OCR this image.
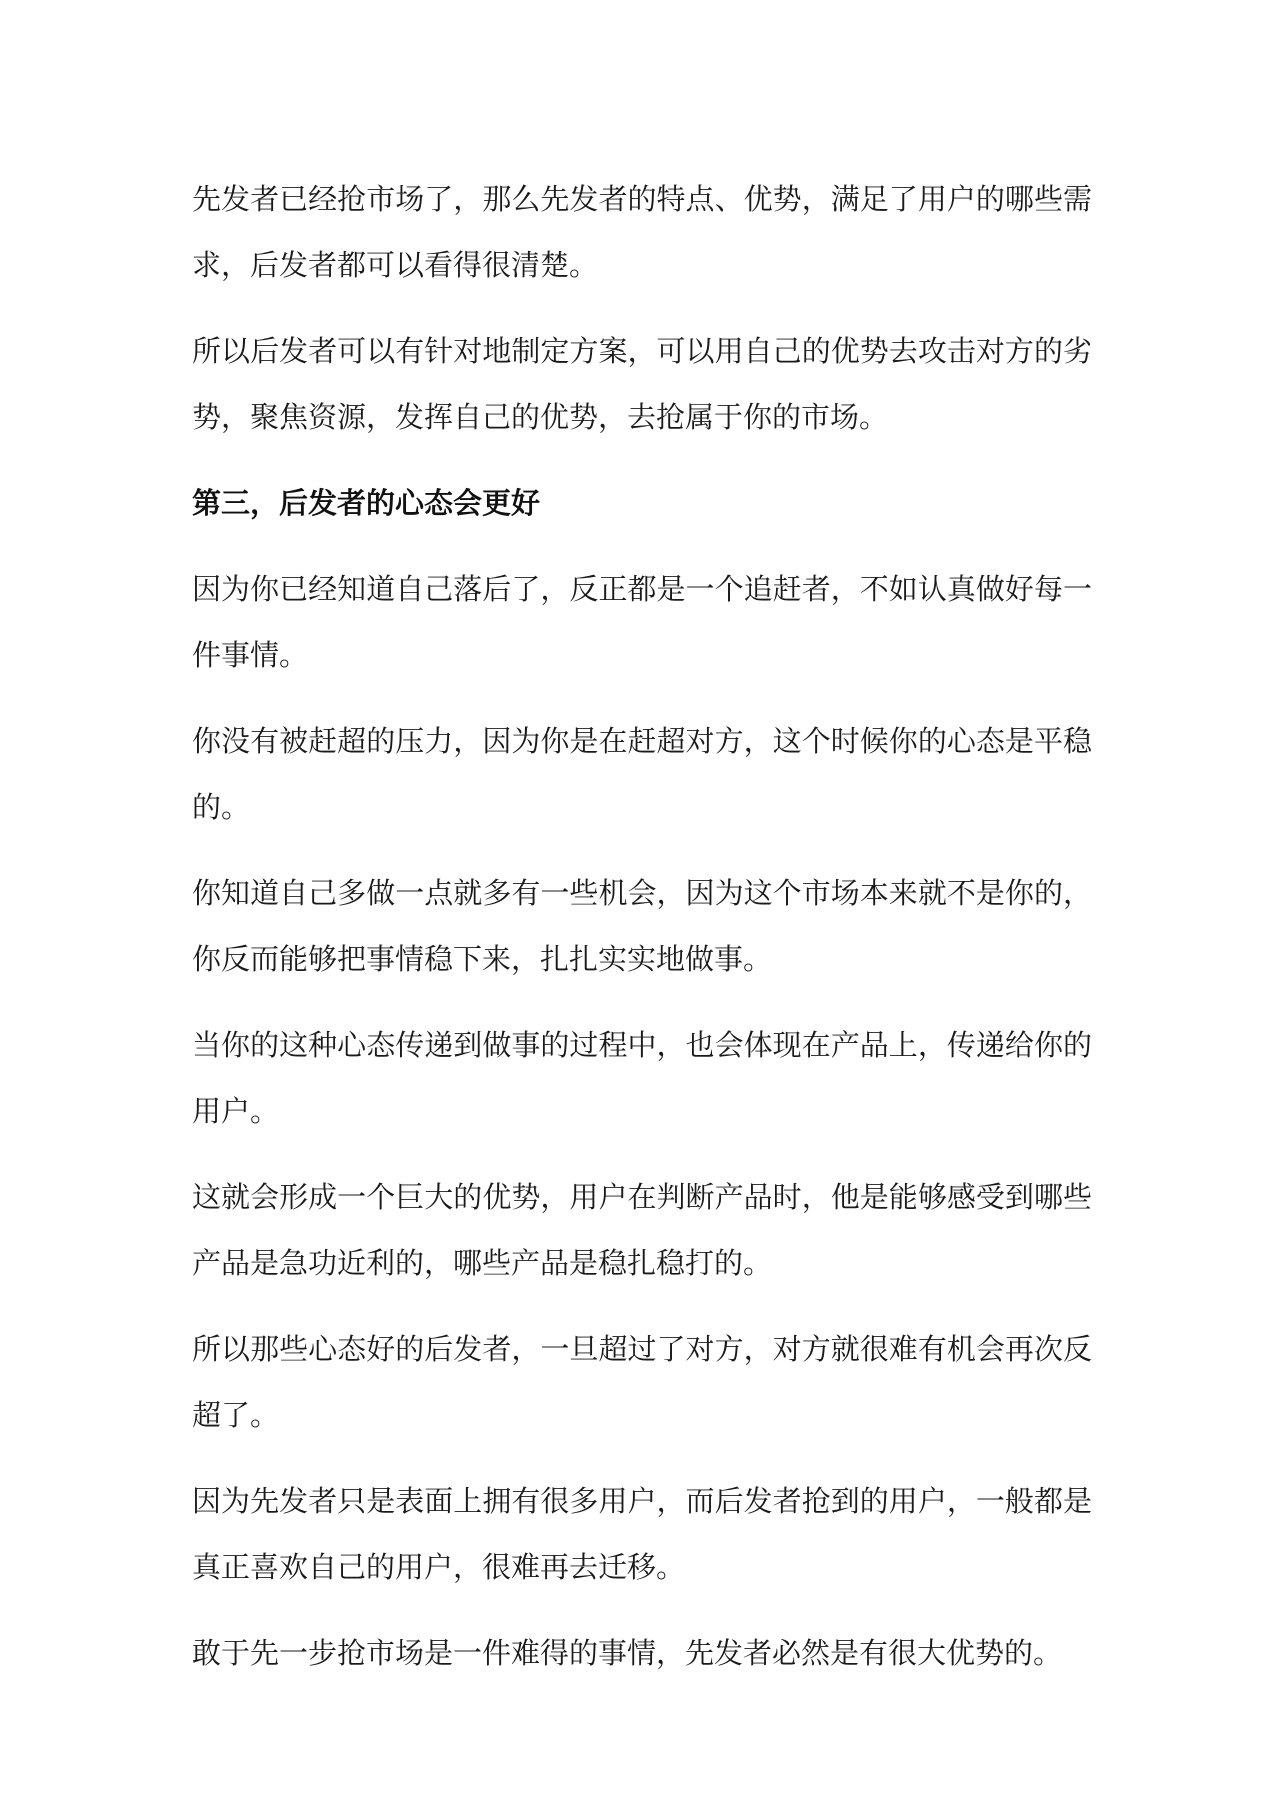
先发者已经抢市场了，那么先发者的特点、优势，满足了用户的哪些需求，后发者都可以看得很清楚。

所以后发者可以有针对地制定方案，可以用自己的优势去攻击对方的劣势，聚焦资源，发挥自己的优势，去抢属于你的市场。

第三，后发者的心态会更好

因为你已经知道自己落后了，反正都是一个追赶者，不如认真做好每一件事情。

你没有被赶超的压力，因为你是在赶超对方，这个时候你的心态是平稳的。

你知道自己多做一点就多有一些机会，因为这个市场本来就不是你的，你反而能够把事情稳下来，扎扎实实地做事。

当你的这种心态传递到做事的过程中，也会体现在产品上，传递给你的用户。

这就会形成一个巨大的优势，用户在判断产品时，他是能够感受到哪些产品是急功近利的，哪些产品是稳扎稳打的。

所以那些心态好的后发者，一旦超过了对方，对方就很难有机会再次反超了。

因为先发者只是表面上拥有很多用户，而后发者抢到的用户，一般都是真正喜欢自己的用户，很难再去迁移。

敢于先一步抢市场是一件难得的事情，先发者必然是有很大优势的。
